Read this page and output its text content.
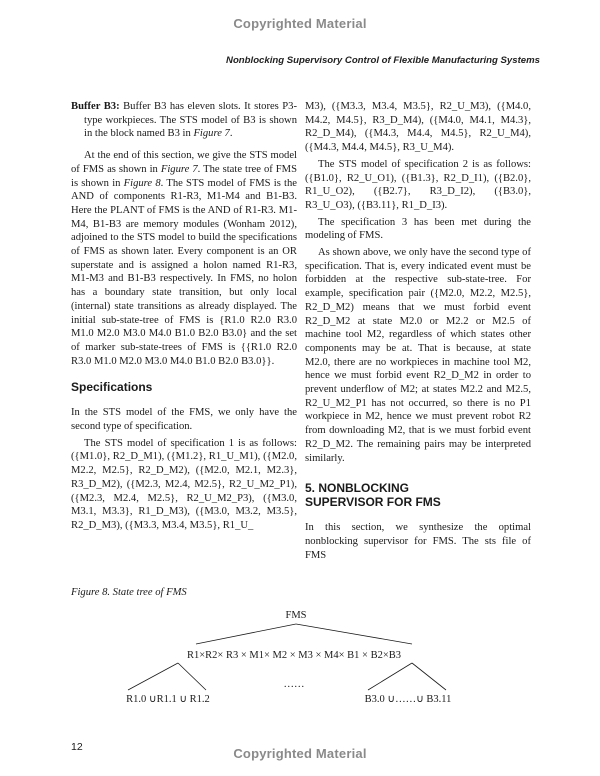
Copyrighted Material
Nonblocking Supervisory Control of Flexible Manufacturing Systems

Buffer B3: Buffer B3 has eleven slots. It stores P3-type workpieces. The STS model of B3 is shown in the block named B3 in Figure 7.

At the end of this section, we give the STS model of FMS as shown in Figure 7. The state tree of FMS is shown in Figure 8. The STS model of FMS is the AND of components R1-R3, M1-M4 and B1-B3. Here the PLANT of FMS is the AND of R1-R3. M1-M4, B1-B3 are memory modules (Wonham 2012), adjoined to the STS model to build the specifications of FMS as shown later. Every component is an OR superstate and is assigned a holon named R1-R3, M1-M3 and B1-B3 respectively. In FMS, no holon has a boundary state transition, but only local (internal) state transitions as already displayed. The initial sub-state-tree of FMS is {R1.0 R2.0 R3.0 M1.0 M2.0 M3.0 M4.0 B1.0 B2.0 B3.0} and the set of marker sub-state-trees of FMS is {{R1.0 R2.0 R3.0 M1.0 M2.0 M3.0 M4.0 B1.0 B2.0 B3.0}}.

Specifications

In the STS model of the FMS, we only have the second type of specification.

The STS model of specification 1 is as follows: ({M1.0}, R2_D_M1), ({M1.2}, R1_U_M1), ({M2.0, M2.2, M2.5}, R2_D_M2), ({M2.0, M2.1, M2.3}, R3_D_M2), ({M2.3, M2.4, M2.5}, R2_U_M2_P1), ({M2.3, M2.4, M2.5}, R2_U_M2_P3), ({M3.0, M3.1, M3.3}, R1_D_M3), ({M3.0, M3.2, M3.5}, R2_D_M3), ({M3.3, M3.4, M3.5}, R1_U_

M3), ({M3.3, M3.4, M3.5}, R2_U_M3), ({M4.0, M4.2, M4.5}, R3_D_M4), ({M4.0, M4.1, M4.3}, R2_D_M4), ({M4.3, M4.4, M4.5}, R2_U_M4), ({M4.3, M4.4, M4.5}, R3_U_M4).

The STS model of specification 2 is as follows: ({B1.0}, R2_U_O1), ({B1.3}, R2_D_I1), ({B2.0}, R1_U_O2), ({B2.7}, R3_D_I2), ({B3.0}, R3_U_O3), ({B3.11}, R1_D_I3).

The specification 3 has been met during the modeling of FMS.

As shown above, we only have the second type of specification. That is, every indicated event must be forbidden at the respective sub-state-tree. For example, specification pair ({M2.0, M2.2, M2.5}, R2_D_M2) means that we must forbid event R2_D_M2 at state M2.0 or M2.2 or M2.5 of machine tool M2, regardless of which states other components may be at. That is because, at state M2.0, there are no workpieces in machine tool M2, hence we must forbid event R2_D_M2 in order to prevent underflow of M2; at states M2.2 and M2.5, R2_U_M2_P1 has not occurred, so there is no P1 workpiece in M2, hence we must prevent robot R2 from downloading M2, that is we must forbid event R2_D_M2. The remaining pairs may be interpreted similarly.

5. NONBLOCKING
SUPERVISOR FOR FMS

In this section, we synthesize the optimal nonblocking supervisor for FMS. The sts file of FMS

Figure 8. State tree of FMS
FMS
R1×R2× R3 × M1× M2 × M3 × M4× B1 × B2×B3
……
R1.0 ∪R1.1 ∪ R1.2	B3.0 ∪……∪ B3.11
12	Copyrighted Material
